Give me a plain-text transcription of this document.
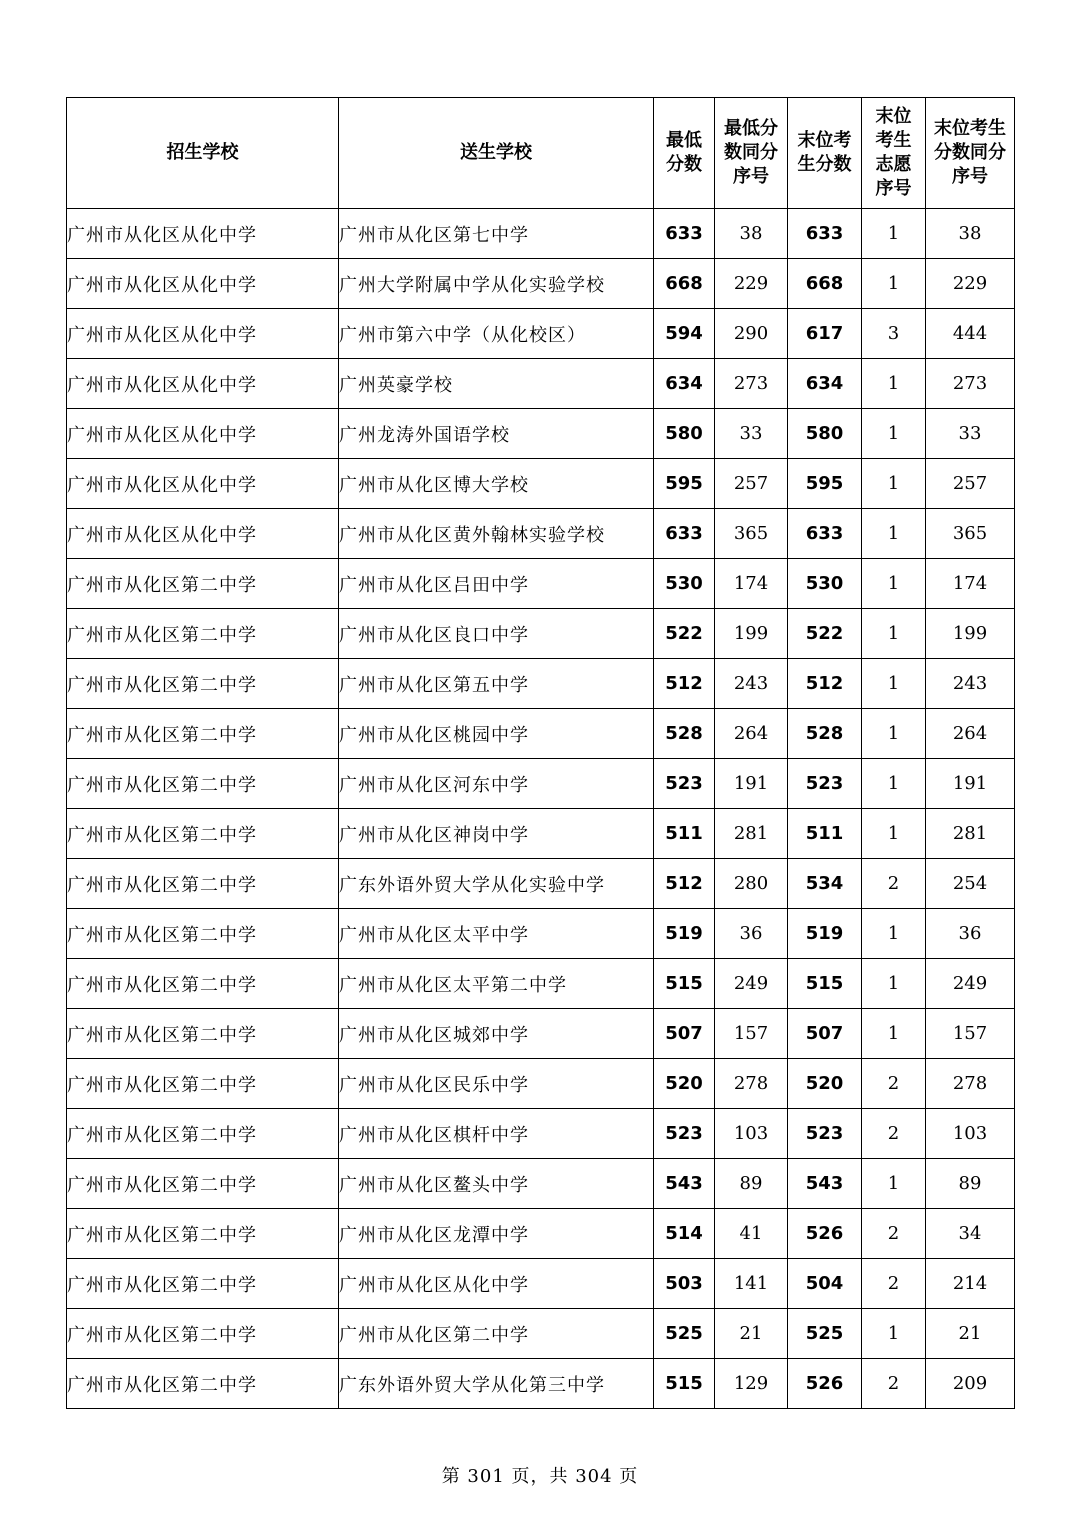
招生学校	送生学校	最低分数	最低分数同分序号	末位考生分数	末位考生志愿序号	末位考生分数同分序号
广州市从化区从化中学	广州市从化区第七中学	633	38	633	1	38
广州市从化区从化中学	广州大学附属中学从化实验学校	668	229	668	1	229
广州市从化区从化中学	广州市第六中学（从化校区）	594	290	617	3	444
广州市从化区从化中学	广州英豪学校	634	273	634	1	273
广州市从化区从化中学	广州龙涛外国语学校	580	33	580	1	33
广州市从化区从化中学	广州市从化区博大学校	595	257	595	1	257
广州市从化区从化中学	广州市从化区黄外翰林实验学校	633	365	633	1	365
广州市从化区第二中学	广州市从化区吕田中学	530	174	530	1	174
广州市从化区第二中学	广州市从化区良口中学	522	199	522	1	199
广州市从化区第二中学	广州市从化区第五中学	512	243	512	1	243
广州市从化区第二中学	广州市从化区桃园中学	528	264	528	1	264
广州市从化区第二中学	广州市从化区河东中学	523	191	523	1	191
广州市从化区第二中学	广州市从化区神岗中学	511	281	511	1	281
广州市从化区第二中学	广东外语外贸大学从化实验中学	512	280	534	2	254
广州市从化区第二中学	广州市从化区太平中学	519	36	519	1	36
广州市从化区第二中学	广州市从化区太平第二中学	515	249	515	1	249
广州市从化区第二中学	广州市从化区城郊中学	507	157	507	1	157
广州市从化区第二中学	广州市从化区民乐中学	520	278	520	2	278
广州市从化区第二中学	广州市从化区棋杆中学	523	103	523	2	103
广州市从化区第二中学	广州市从化区鳌头中学	543	89	543	1	89
广州市从化区第二中学	广州市从化区龙潭中学	514	41	526	2	34
广州市从化区第二中学	广州市从化区从化中学	503	141	504	2	214
广州市从化区第二中学	广州市从化区第二中学	525	21	525	1	21
广州市从化区第二中学	广东外语外贸大学从化第三中学	515	129	526	2	209
第 301 页，共 304 页
